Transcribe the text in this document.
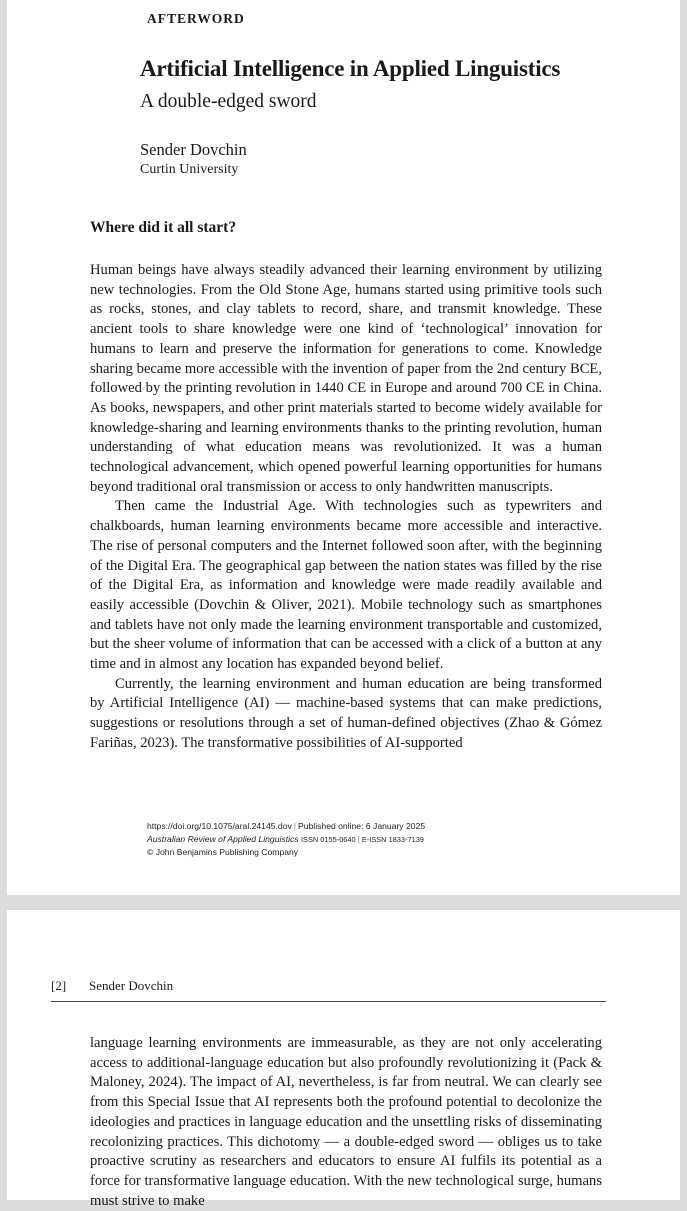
AFTERWORD
Artificial Intelligence in Applied Linguistics
A double-edged sword
Sender Dovchin
Curtin University
Where did it all start?

Human beings have always steadily advanced their learning environment by utilizing new technologies. From the Old Stone Age, humans started using primitive tools such as rocks, stones, and clay tablets to record, share, and transmit knowledge. These ancient tools to share knowledge were one kind of ‘technological’ innovation for humans to learn and preserve the information for generations to come. Knowledge sharing became more accessible with the invention of paper from the 2nd century BCE, followed by the printing revolution in 1440 CE in Europe and around 700 CE in China. As books, newspapers, and other print materials started to become widely available for knowledge-sharing and learning environments thanks to the printing revolution, human understanding of what education means was revolutionized. It was a human technological advancement, which opened powerful learning opportunities for humans beyond traditional oral transmission or access to only handwritten manuscripts.

Then came the Industrial Age. With technologies such as typewriters and chalkboards, human learning environments became more accessible and interactive. The rise of personal computers and the Internet followed soon after, with the beginning of the Digital Era. The geographical gap between the nation states was filled by the rise of the Digital Era, as information and knowledge were made readily available and easily accessible (Dovchin & Oliver, 2021). Mobile technology such as smartphones and tablets have not only made the learning environment transportable and customized, but the sheer volume of information that can be accessed with a click of a button at any time and in almost any location has expanded beyond belief.

Currently, the learning environment and human education are being transformed by Artificial Intelligence (AI) — machine-based systems that can make predictions, suggestions or resolutions through a set of human-defined objectives (Zhao & Gómez Fariñas, 2023). The transformative possibilities of AI-supported

https://doi.org/10.1075/aral.24145.dov | Published online: 6 January 2025
Australian Review of Applied Linguistics ISSN 0155-0640 | E-ISSN 1833-7139
© John Benjamins Publishing Company
[2] Sender Dovchin

language learning environments are immeasurable, as they are not only accelerating access to additional-language education but also profoundly revolutionizing it (Pack & Maloney, 2024). The impact of AI, nevertheless, is far from neutral. We can clearly see from this Special Issue that AI represents both the profound potential to decolonize the ideologies and practices in language education and the unsettling risks of disseminating recolonizing practices. This dichotomy — a double-edged sword — obliges us to take proactive scrutiny as researchers and educators to ensure AI fulfils its potential as a force for transformative language education. With the new technological surge, humans must strive to make
